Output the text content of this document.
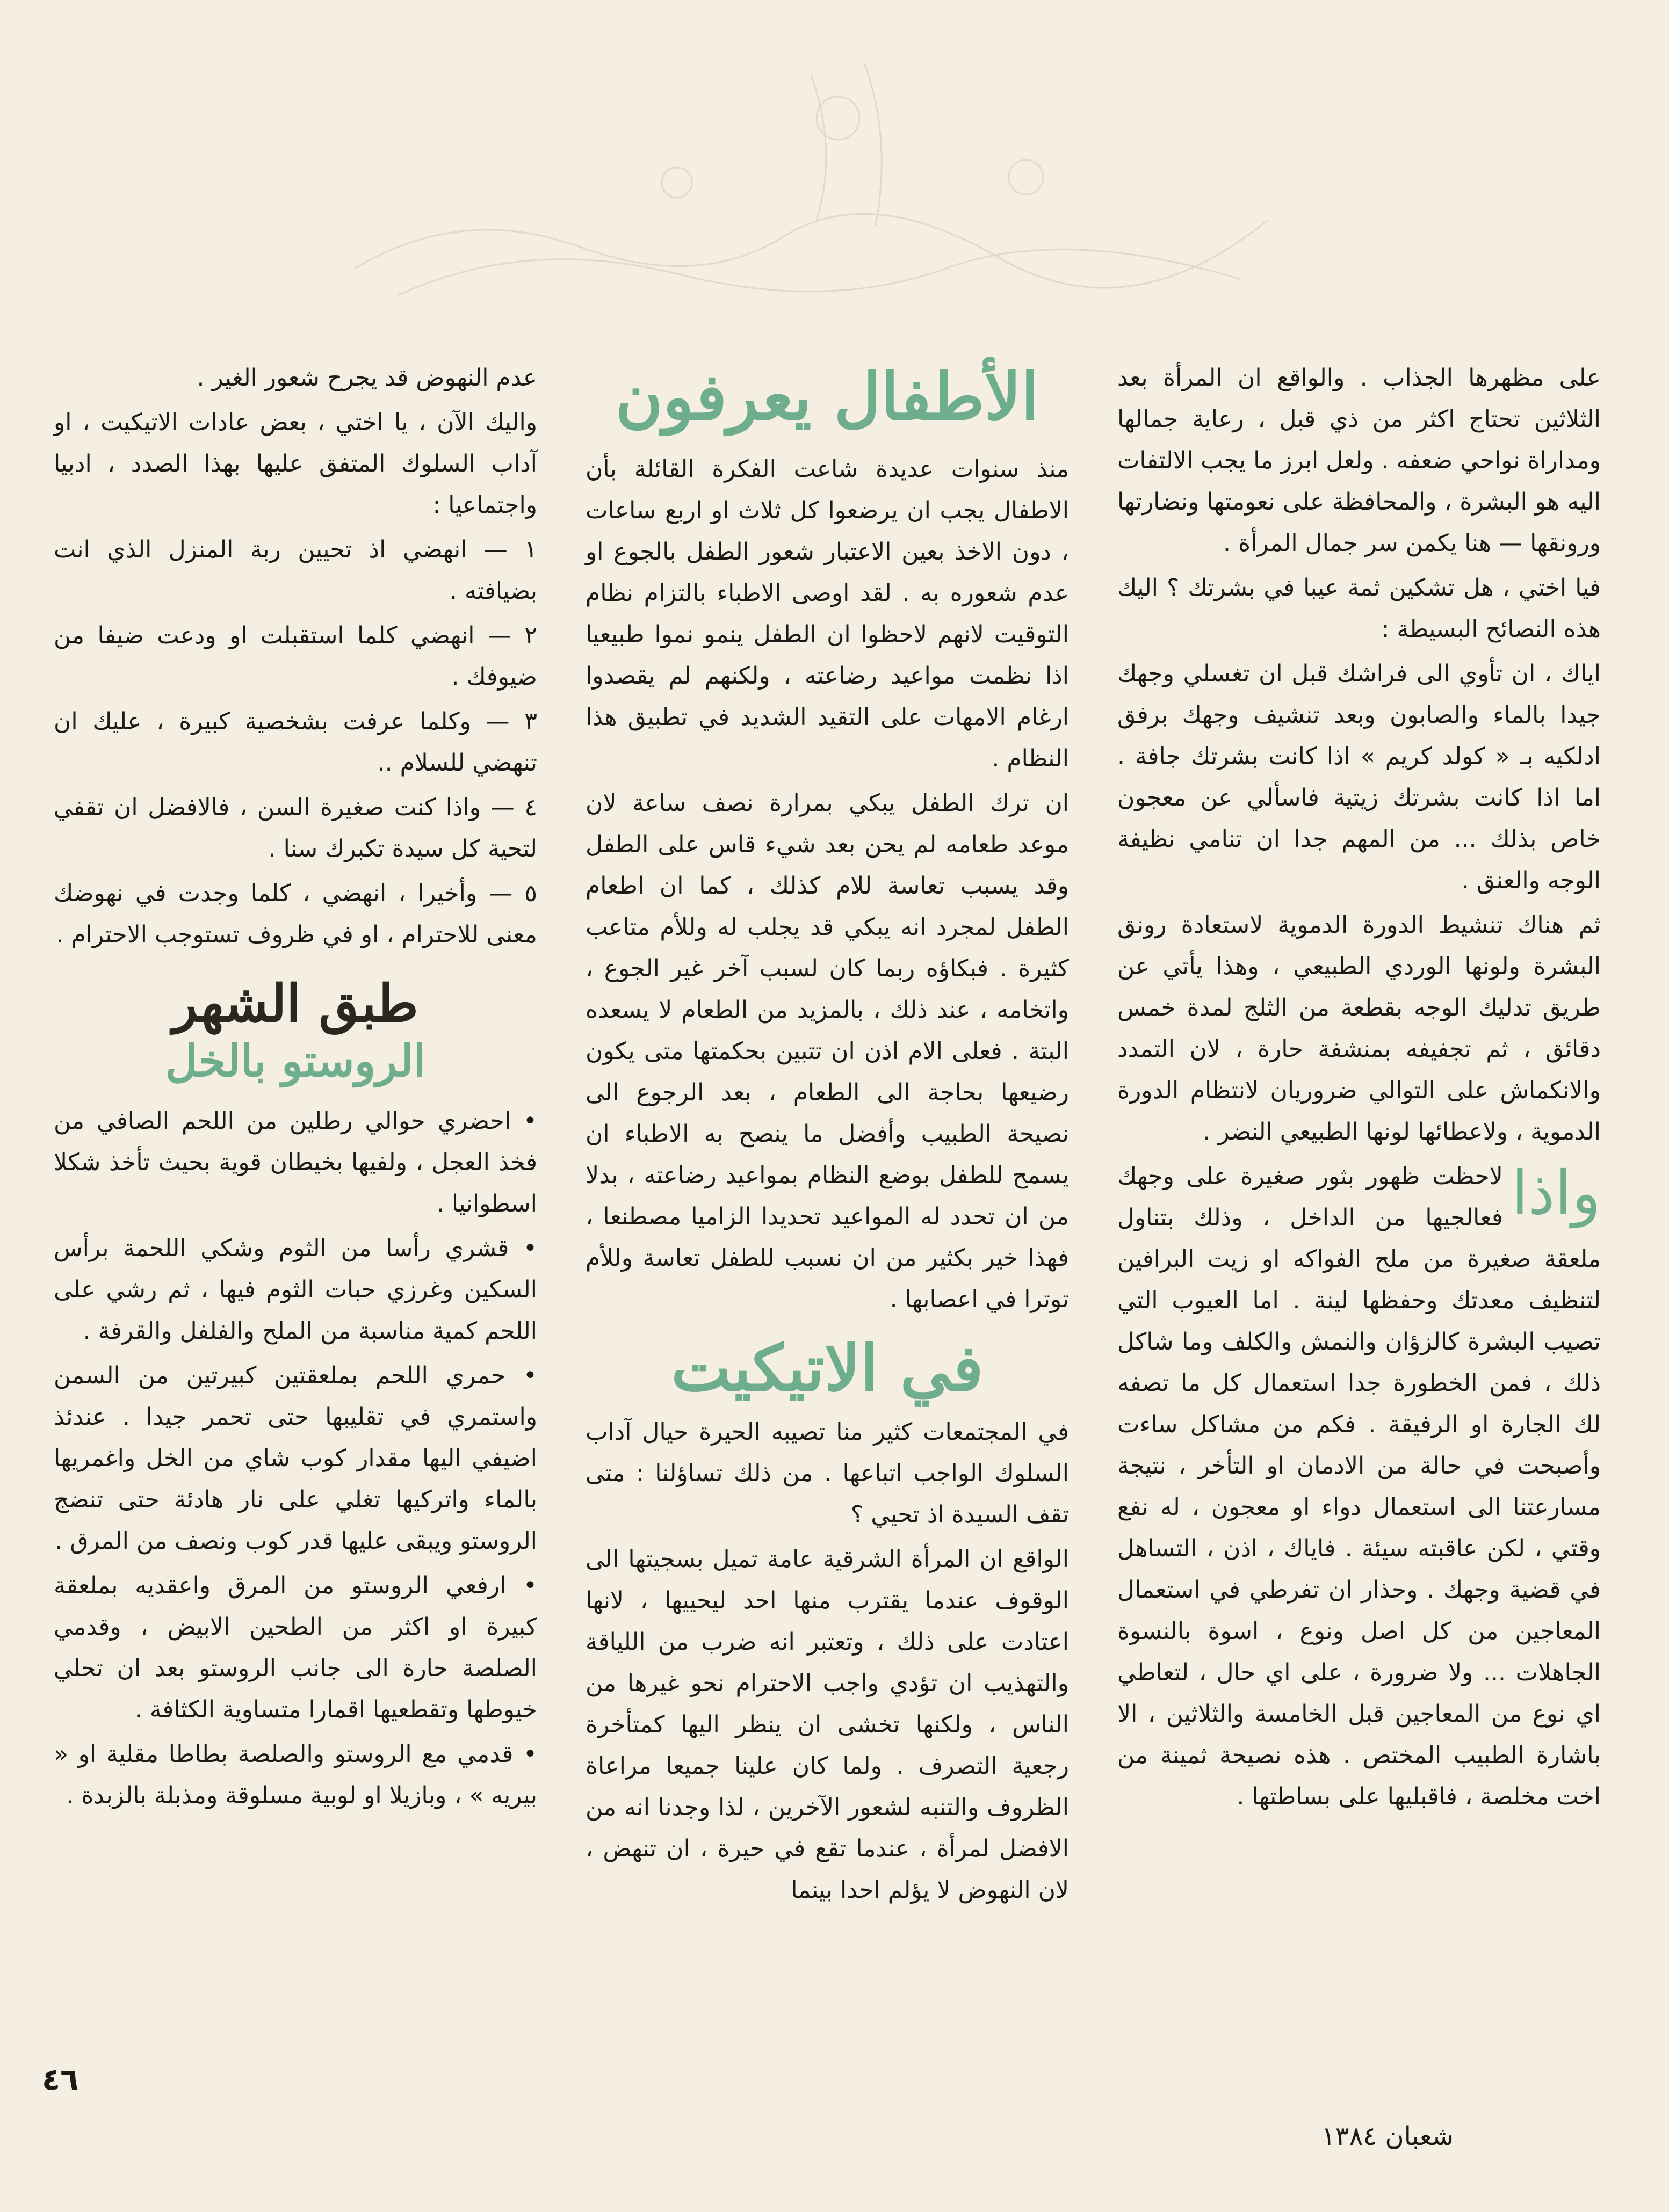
على مظهرها الجذاب . والواقع ان المرأة بعد الثلاثين تحتاج اكثر من ذي قبل ، رعاية جمالها ومداراة نواحي ضعفه . ولعل ابرز ما يجب الالتفات اليه هو البشرة ، والمحافظة على نعومتها ونضارتها ورونقها — هنا يكمن سر جمال المرأة .

فيا اختي ، هل تشكين ثمة عيبا في بشرتك ؟ اليك هذه النصائح البسيطة :

اياك ، ان تأوي الى فراشك قبل ان تغسلي وجهك جيدا بالماء والصابون وبعد تنشيف وجهك برفق ادلكيه بـ « كولد كريم » اذا كانت بشرتك جافة . اما اذا كانت بشرتك زيتية فاسألي عن معجون خاص بذلك ... من المهم جدا ان تنامي نظيفة الوجه والعنق .

ثم هناك تنشيط الدورة الدموية لاستعادة رونق البشرة ولونها الوردي الطبيعي ، وهذا يأتي عن طريق تدليك الوجه بقطعة من الثلج لمدة خمس دقائق ، ثم تجفيفه بمنشفة حارة ، لان التمدد والانكماش على التوالي ضروريان لانتظام الدورة الدموية ، ولاعطائها لونها الطبيعي النضر .

واذا
لاحظت ظهور بثور صغيرة على وجهك فعالجيها من الداخل ، وذلك بتناول ملعقة صغيرة من ملح الفواكه او زيت البرافين لتنظيف معدتك وحفظها لينة . اما العيوب التي تصيب البشرة كالزؤان والنمش والكلف وما شاكل ذلك ، فمن الخطورة جدا استعمال كل ما تصفه لك الجارة او الرفيقة . فكم من مشاكل ساءت وأصبحت في حالة من الادمان او التأخر ، نتيجة مسارعتنا الى استعمال دواء او معجون ، له نفع وقتي ، لكن عاقبته سيئة . فاياك ، اذن ، التساهل في قضية وجهك . وحذار ان تفرطي في استعمال المعاجين من كل اصل ونوع ، اسوة بالنسوة الجاهلات ... ولا ضرورة ، على اي حال ، لتعاطي اي نوع من المعاجين قبل الخامسة والثلاثين ، الا باشارة الطبيب المختص . هذه نصيحة ثمينة من اخت مخلصة ، فاقبليها على بساطتها .

الأطفال يعرفون

منذ سنوات عديدة شاعت الفكرة القائلة بأن الاطفال يجب ان يرضعوا كل ثلاث او اربع ساعات ، دون الاخذ بعين الاعتبار شعور الطفل بالجوع او عدم شعوره به . لقد اوصى الاطباء بالتزام نظام التوقيت لانهم لاحظوا ان الطفل ينمو نموا طبيعيا اذا نظمت مواعيد رضاعته ، ولكنهم لم يقصدوا ارغام الامهات على التقيد الشديد في تطبيق هذا النظام .

ان ترك الطفل يبكي بمرارة نصف ساعة لان موعد طعامه لم يحن بعد شيء قاس على الطفل وقد يسبب تعاسة للام كذلك ، كما ان اطعام الطفل لمجرد انه يبكي قد يجلب له وللأم متاعب كثيرة . فبكاؤه ربما كان لسبب آخر غير الجوع ، واتخامه ، عند ذلك ، بالمزيد من الطعام لا يسعده البتة . فعلى الام اذن ان تتبين بحكمتها متى يكون رضيعها بحاجة الى الطعام ، بعد الرجوع الى نصيحة الطبيب وأفضل ما ينصح به الاطباء ان يسمح للطفل بوضع النظام بمواعيد رضاعته ، بدلا من ان تحدد له المواعيد تحديدا الزاميا مصطنعا ، فهذا خير بكثير من ان نسبب للطفل تعاسة وللأم توترا في اعصابها .

في الاتيكيت

في المجتمعات كثير منا تصيبه الحيرة حيال آداب السلوك الواجب اتباعها . من ذلك تساؤلنا : متى تقف السيدة اذ تحيي ؟

الواقع ان المرأة الشرقية عامة تميل بسجيتها الى الوقوف عندما يقترب منها احد ليحييها ، لانها اعتادت على ذلك ، وتعتبر انه ضرب من اللياقة والتهذيب ان تؤدي واجب الاحترام نحو غيرها من الناس ، ولكنها تخشى ان ينظر اليها كمتأخرة رجعية التصرف . ولما كان علينا جميعا مراعاة الظروف والتنبه لشعور الآخرين ، لذا وجدنا انه من الافضل لمرأة ، عندما تقع في حيرة ، ان تنهض ، لان النهوض لا يؤلم احدا بينما

عدم النهوض قد يجرح شعور الغير .

واليك الآن ، يا اختي ، بعض عادات الاتيكيت ، او آداب السلوك المتفق عليها بهذا الصدد ، ادبيا واجتماعيا :

١ — انهضي اذ تحيين ربة المنزل الذي انت بضيافته .

٢ — انهضي كلما استقبلت او ودعت ضيفا من ضيوفك .

٣ — وكلما عرفت بشخصية كبيرة ، عليك ان تنهضي للسلام ..

٤ — واذا كنت صغيرة السن ، فالافضل ان تقفي لتحية كل سيدة تكبرك سنا .

٥ — وأخيرا ، انهضي ، كلما وجدت في نهوضك معنى للاحترام ، او في ظروف تستوجب الاحترام .

طبق الشهر
الروستو بالخل

• احضري حوالي رطلين من اللحم الصافي من فخذ العجل ، ولفيها بخيطان قوية بحيث تأخذ شكلا اسطوانيا .

• قشري رأسا من الثوم وشكي اللحمة برأس السكين وغرزي حبات الثوم فيها ، ثم رشي على اللحم كمية مناسبة من الملح والفلفل والقرفة .

• حمري اللحم بملعقتين كبيرتين من السمن واستمري في تقليبها حتى تحمر جيدا . عندئذ اضيفي اليها مقدار كوب شاي من الخل واغمريها بالماء واتركيها تغلي على نار هادئة حتى تنضج الروستو ويبقى عليها قدر كوب ونصف من المرق .

• ارفعي الروستو من المرق واعقديه بملعقة كبيرة او اكثر من الطحين الابيض ، وقدمي الصلصة حارة الى جانب الروستو بعد ان تحلي خيوطها وتقطعيها اقمارا متساوية الكثافة .

• قدمي مع الروستو والصلصة بطاطا مقلية او « بيريه » ، وبازيلا او لوبية مسلوقة ومذبلة بالزبدة .

٤٦
شعبان ١٣٨٤
